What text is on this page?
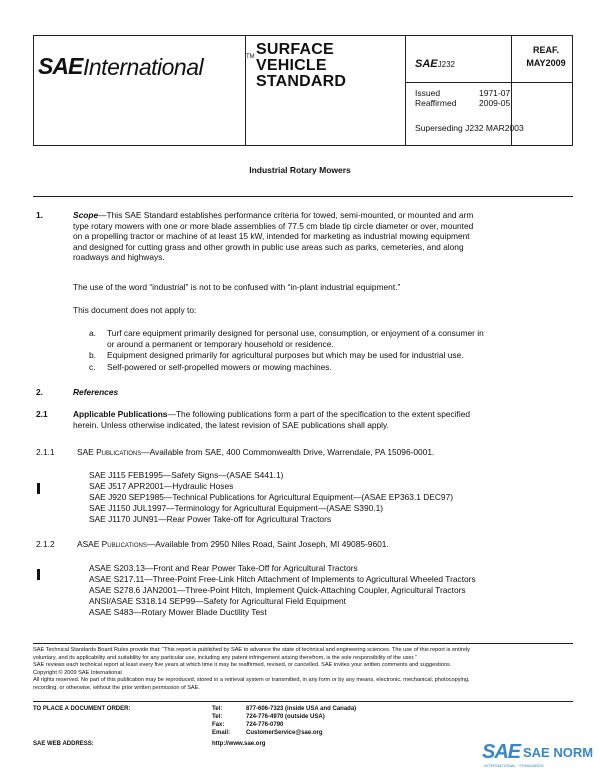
SAE International	TM SURFACE
VEHICLE
STANDARD
SAEJ232
REAF.
MAY2009
Issued	1971-07
Reaffirmed	2009-05
Superseding J232 MAR2003
Industrial Rotary Mowers
1.	Scope—This SAE Standard establishes performance criteria for towed, semi-mounted, or mounted and arm
type rotary mowers with one or more blade assemblies of 77.5 cm blade tip circle diameter or over, mounted
on a propelling tractor or machine of at least 15 kW, intended for marketing as industrial mowing equipment
and designed for cutting grass and other growth in public use areas such as parks, cemeteries, and along
roadways and highways.
The use of the word “industrial” is not to be confused with “in-plant industrial equipment.”
This document does not apply to:
a. Turf care equipment primarily designed for personal use, consumption, or enjoyment of a consumer in
or around a permanent or temporary household or residence.
b. Equipment designed primarily for agricultural purposes but which may be used for industrial use.
c. Self-powered or self-propelled mowers or mowing machines.
2.	References
2.1	Applicable Publications—The following publications form a part of the specification to the extent specified
herein. Unless otherwise indicated, the latest revision of SAE publications shall apply.
2.1.1	SAE Publications—Available from SAE, 400 Commonwealth Drive, Warrendale, PA 15096-0001.
SAE J115 FEB1995—Safety Signs—(ASAE S441.1)
SAE J517 APR2001—Hydraulic Hoses
SAE J920 SEP1985—Technical Publications for Agricultural Equipment—(ASAE EP363.1 DEC97)
SAE J1150 JUL1997—Terminology for Agricultural Equipment—(ASAE S390.1)
SAE J1170 JUN91—Rear Power Take-off for Agricultural Tractors
2.1.2	ASAE Publications—Available from 2950 Niles Road, Saint Joseph, MI 49085-9601.
ASAE S203.13—Front and Rear Power Take-Off for Agricultural Tractors
ASAE S217.11—Three-Point Free-Link Hitch Attachment of Implements to Agricultural Wheeled Tractors
ASAE S278.6 JAN2001—Three-Point Hitch, Implement Quick-Attaching Coupler, Agricultural Tractors
ANSI/ASAE S318.14 SEP99—Safety for Agricultural Field Equipment
ASAE S483—Rotary Mower Blade Ductility Test
SAE Technical Standards Board Rules provide that: “This report is published by SAE to advance the state of technical and engineering sciences. The use of this report is entirely
voluntary, and its applicability and suitability for any particular use, including any patent infringement arising therefrom, is the sole responsibility of the user.”
SAE reviews each technical report at least every five years at which time it may be reaffirmed, revised, or cancelled. SAE invites your written comments and suggestions.
Copyright © 2009 SAE International
All rights reserved. No part of this publication may be reproduced, stored in a retrieval system or transmitted, in any form or by any means, electronic, mechanical, photocopying,
recording, or otherwise, without the prior written permission of SAE.
TO PLACE A DOCUMENT ORDER:	Tel:	877-606-7323 (inside USA and Canada)
Tel:	724-776-4970 (outside USA)
Fax:	724-776-0790
Email:	CustomerService@sae.org
SAE WEB ADDRESS:	http://www.sae.org	SAE SAE NORM
INTERNATIONAL · STANDARDS
